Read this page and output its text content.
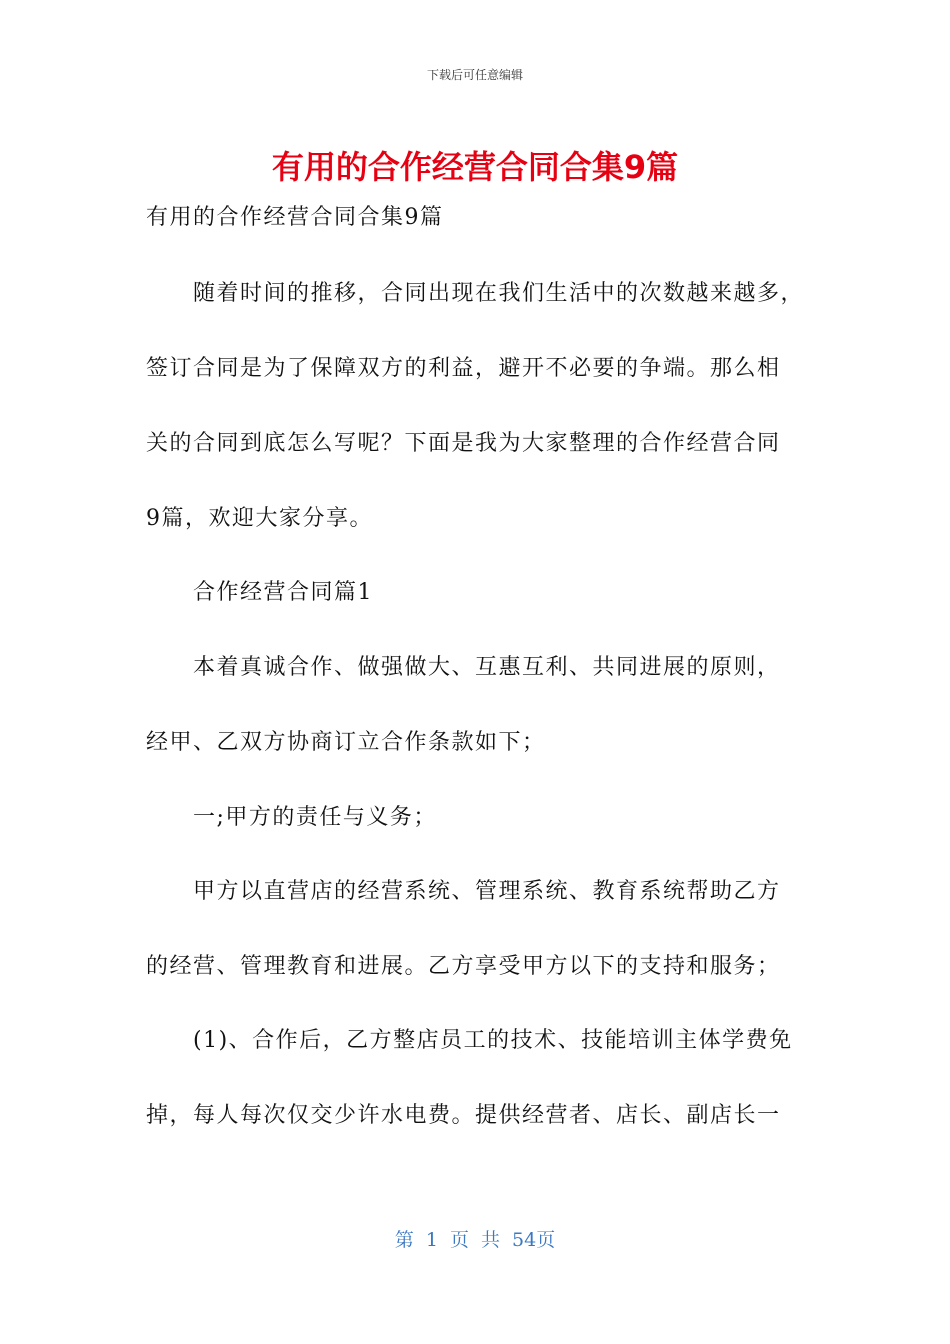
下载后可任意编辑
有用的合作经营合同合集9篇
有用的合作经营合同合集9篇
随着时间的推移，合同出现在我们生活中的次数越来越多，
签订合同是为了保障双方的利益，避开不必要的争端。那么相
关的合同到底怎么写呢？下面是我为大家整理的合作经营合同
9篇，欢迎大家分享。
合作经营合同篇1
本着真诚合作、做强做大、互惠互利、共同进展的原则，
经甲、乙双方协商订立合作条款如下；
一;甲方的责任与义务；
甲方以直营店的经营系统、管理系统、教育系统帮助乙方
的经营、管理教育和进展。乙方享受甲方以下的支持和服务；
(1)、合作后，乙方整店员工的技术、技能培训主体学费免
掉，每人每次仅交少许水电费。提供经营者、店长、副店长一
第 1 页 共 54页
